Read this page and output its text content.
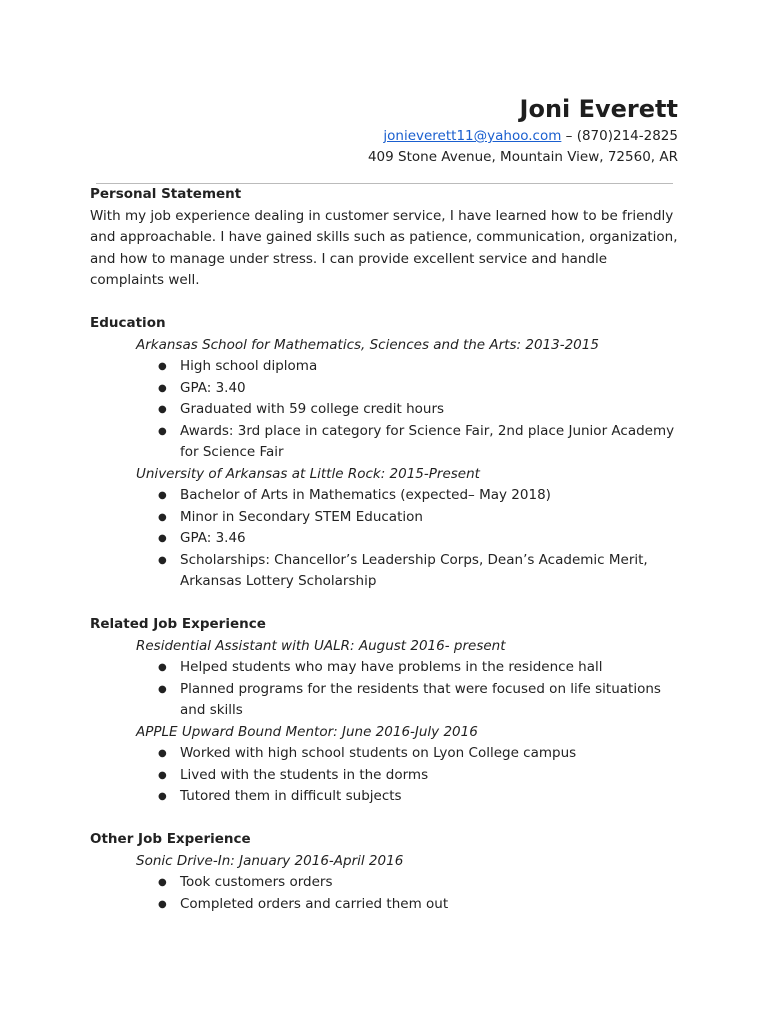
Joni Everett
jonieverett11@yahoo.com – (870)214-2825
409 Stone Avenue, Mountain View, 72560, AR
Personal Statement

With my job experience dealing in customer service, I have learned how to be friendly and approachable. I have gained skills such as patience, communication, organization, and how to manage under stress. I can provide excellent service and handle complaints well.

Education
Arkansas School for Mathematics, Sciences and the Arts: 2013-2015
● High school diploma
● GPA: 3.40
● Graduated with 59 college credit hours
● Awards: 3rd place in category for Science Fair, 2nd place Junior Academy for Science Fair
University of Arkansas at Little Rock: 2015-Present
● Bachelor of Arts in Mathematics (expected– May 2018)
● Minor in Secondary STEM Education
● GPA: 3.46
● Scholarships: Chancellor’s Leadership Corps, Dean’s Academic Merit, Arkansas Lottery Scholarship
Related Job Experience
Residential Assistant with UALR: August 2016- present
● Helped students who may have problems in the residence hall
● Planned programs for the residents that were focused on life situations and skills
APPLE Upward Bound Mentor: June 2016-July 2016
● Worked with high school students on Lyon College campus
● Lived with the students in the dorms
● Tutored them in difficult subjects
Other Job Experience
Sonic Drive-In: January 2016-April 2016
● Took customers orders
● Completed orders and carried them out
